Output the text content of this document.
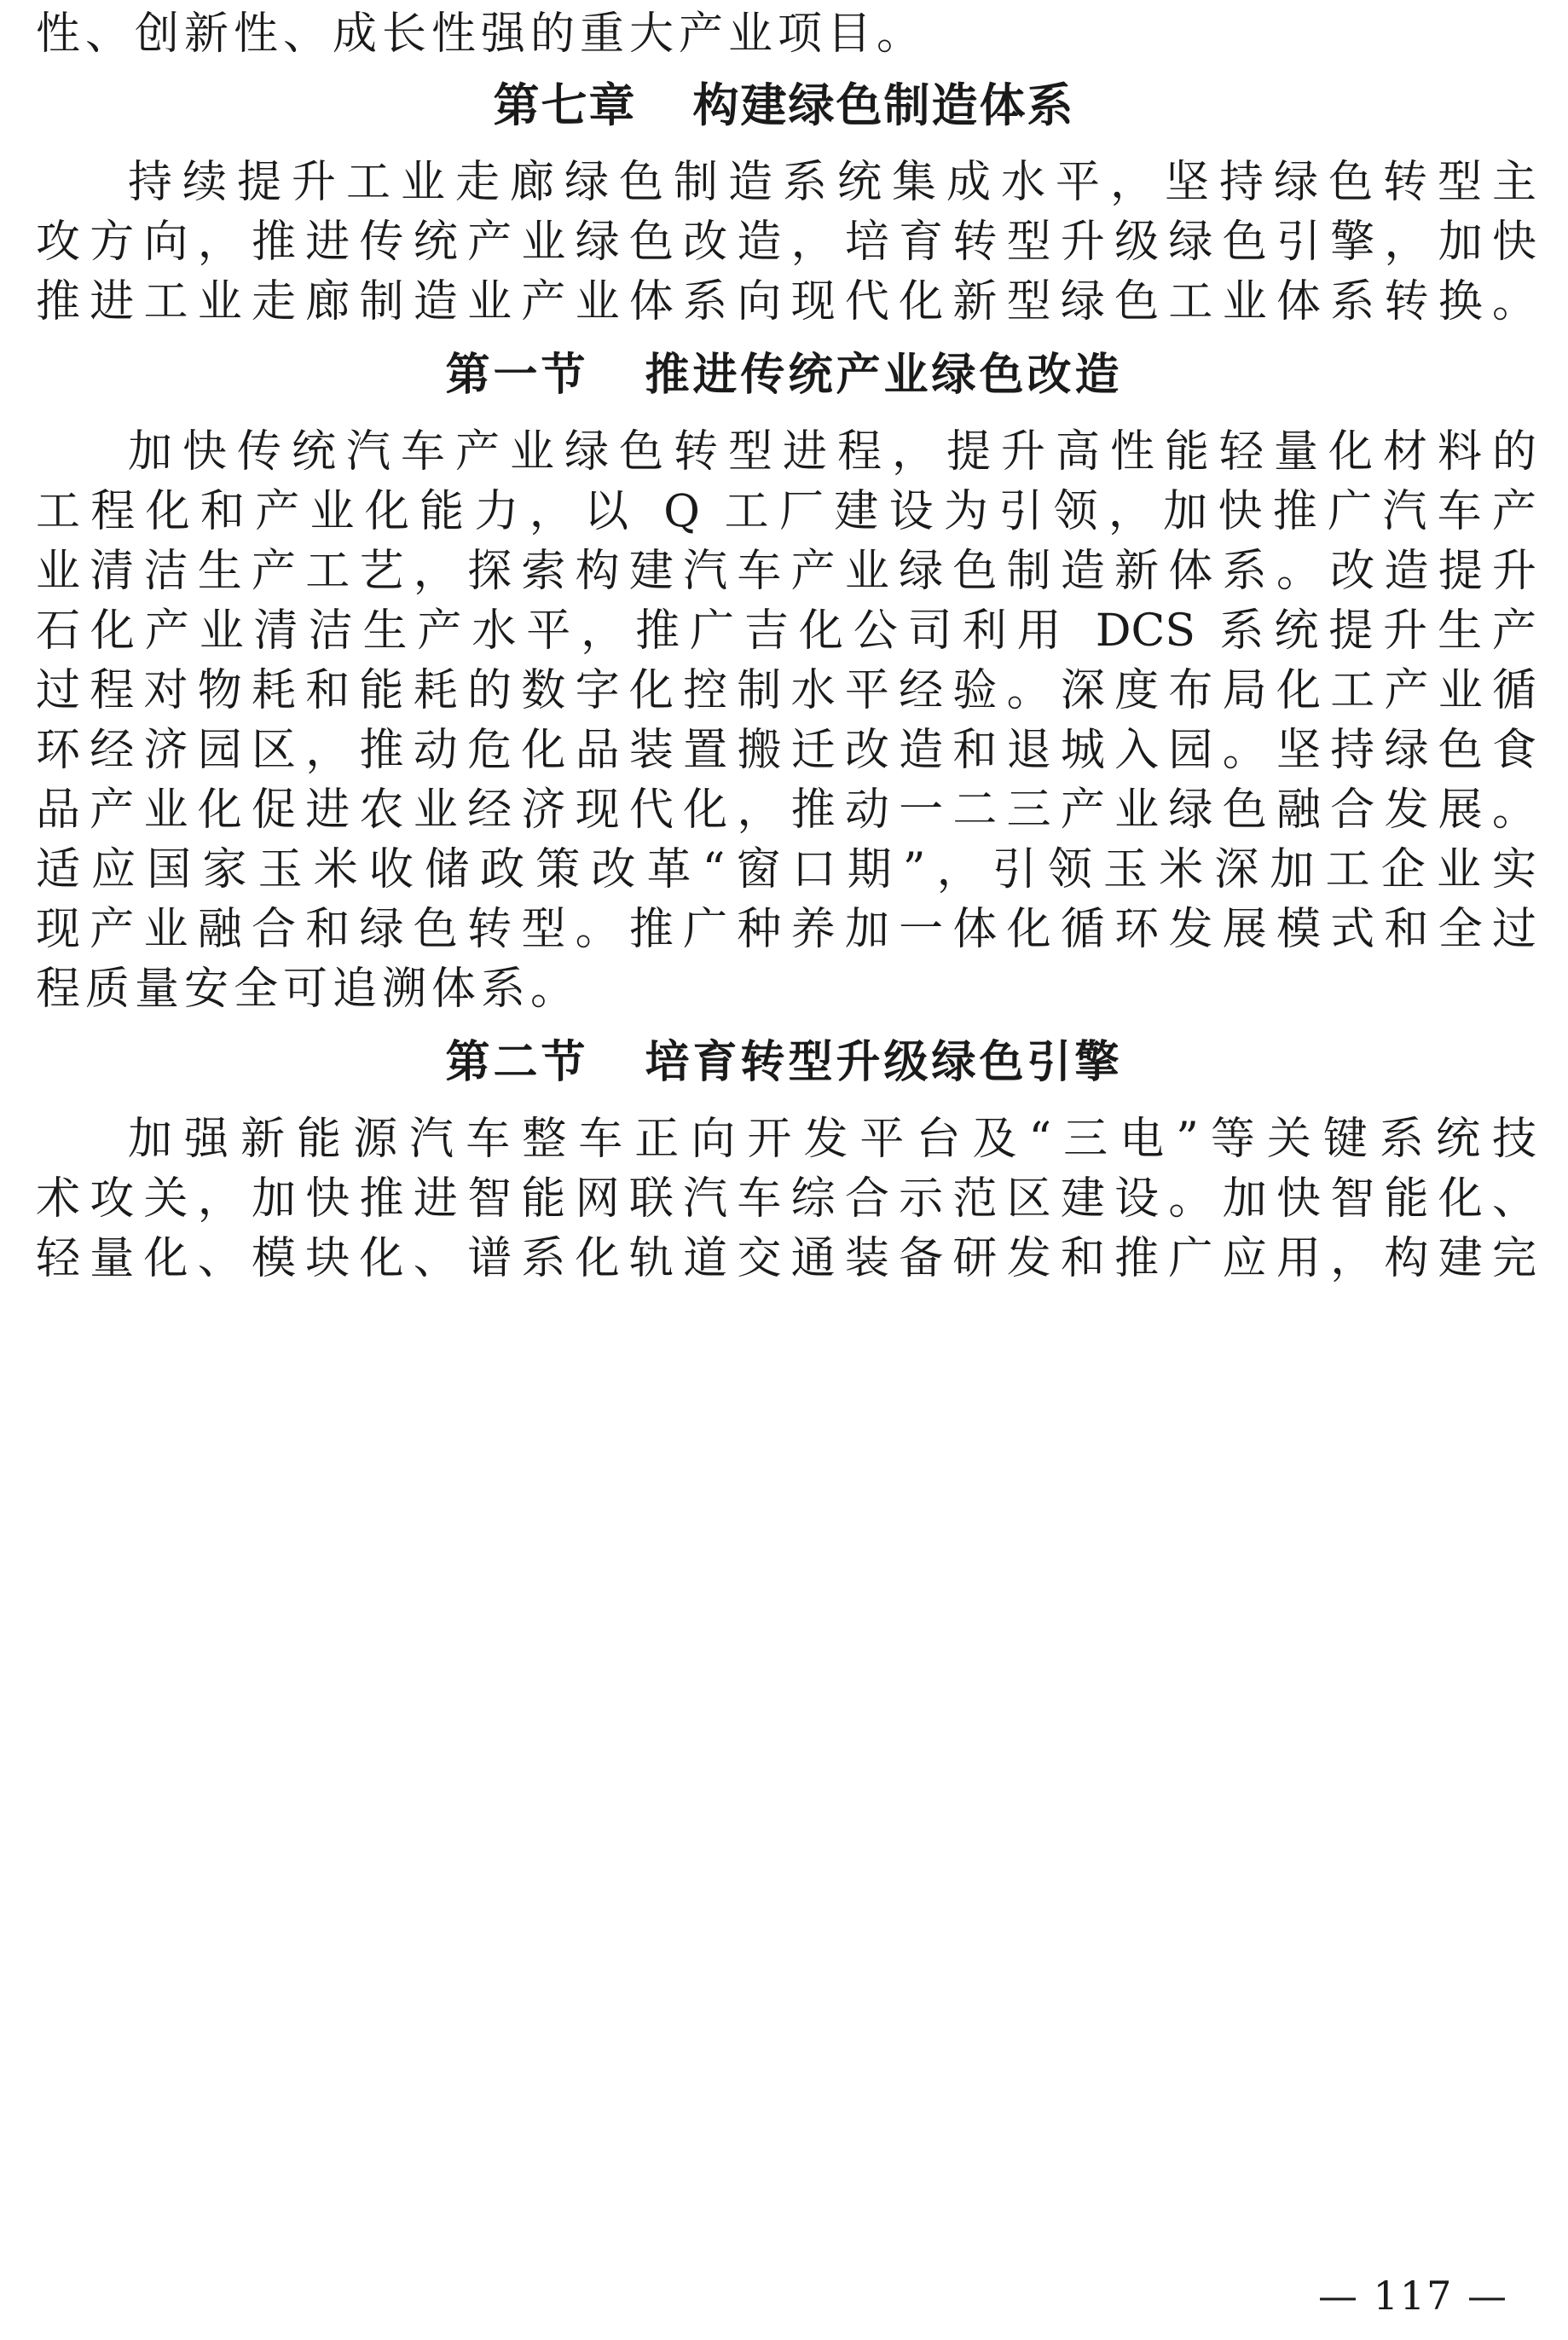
性、创新性、成长性强的重大产业项目。
第七章 构建绿色制造体系
持续提升工业走廊绿色制造系统集成水平，坚持绿色转型主
攻方向，推进传统产业绿色改造，培育转型升级绿色引擎，加快
推进工业走廊制造业产业体系向现代化新型绿色工业体系转换。
第一节 推进传统产业绿色改造
加快传统汽车产业绿色转型进程，提升高性能轻量化材料的
工程化和产业化能力，以 Q 工厂建设为引领，加快推广汽车产
业清洁生产工艺，探索构建汽车产业绿色制造新体系。改造提升
石化产业清洁生产水平，推广吉化公司利用 DCS 系统提升生产
过程对物耗和能耗的数字化控制水平经验。深度布局化工产业循
环经济园区，推动危化品装置搬迁改造和退城入园。坚持绿色食
品产业化促进农业经济现代化，推动一二三产业绿色融合发展。
适应国家玉米收储政策改革“窗口期”，引领玉米深加工企业实
现产业融合和绿色转型。推广种养加一体化循环发展模式和全过
程质量安全可追溯体系。
第二节 培育转型升级绿色引擎
加强新能源汽车整车正向开发平台及“三电”等关键系统技
术攻关，加快推进智能网联汽车综合示范区建设。加快智能化、
轻量化、模块化、谱系化轨道交通装备研发和推广应用，构建完
— 117 —
